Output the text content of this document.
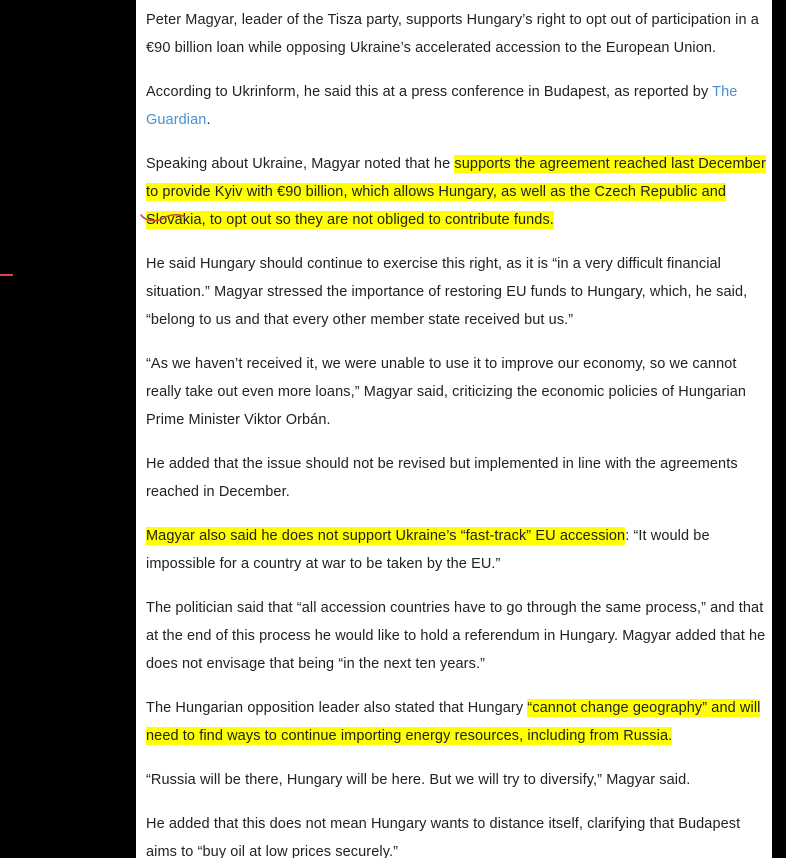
Peter Magyar, leader of the Tisza party, supports Hungary’s right to opt out of participation in a €90 billion loan while opposing Ukraine’s accelerated accession to the European Union.

According to Ukrinform, he said this at a press conference in Budapest, as reported by The Guardian.

Speaking about Ukraine, Magyar noted that he supports the agreement reached last December to provide Kyiv with €90 billion, which allows Hungary, as well as the Czech Republic and Slovakia, to opt out so they are not obliged to contribute funds.

He said Hungary should continue to exercise this right, as it is “in a very difficult financial situation.” Magyar stressed the importance of restoring EU funds to Hungary, which, he said, “belong to us and that every other member state received but us.”

“As we haven’t received it, we were unable to use it to improve our economy, so we cannot really take out even more loans,” Magyar said, criticizing the economic policies of Hungarian Prime Minister Viktor Orbán.

He added that the issue should not be revised but implemented in line with the agreements reached in December.

Magyar also said he does not support Ukraine’s “fast-track” EU accession: “It would be impossible for a country at war to be taken by the EU.”

The politician said that “all accession countries have to go through the same process,” and that at the end of this process he would like to hold a referendum in Hungary. Magyar added that he does not envisage that being “in the next ten years.”

The Hungarian opposition leader also stated that Hungary “cannot change geography” and will need to find ways to continue importing energy resources, including from Russia.

“Russia will be there, Hungary will be here. But we will try to diversify,” Magyar said.

He added that this does not mean Hungary wants to distance itself, clarifying that Budapest aims to “buy oil at low prices securely.”
